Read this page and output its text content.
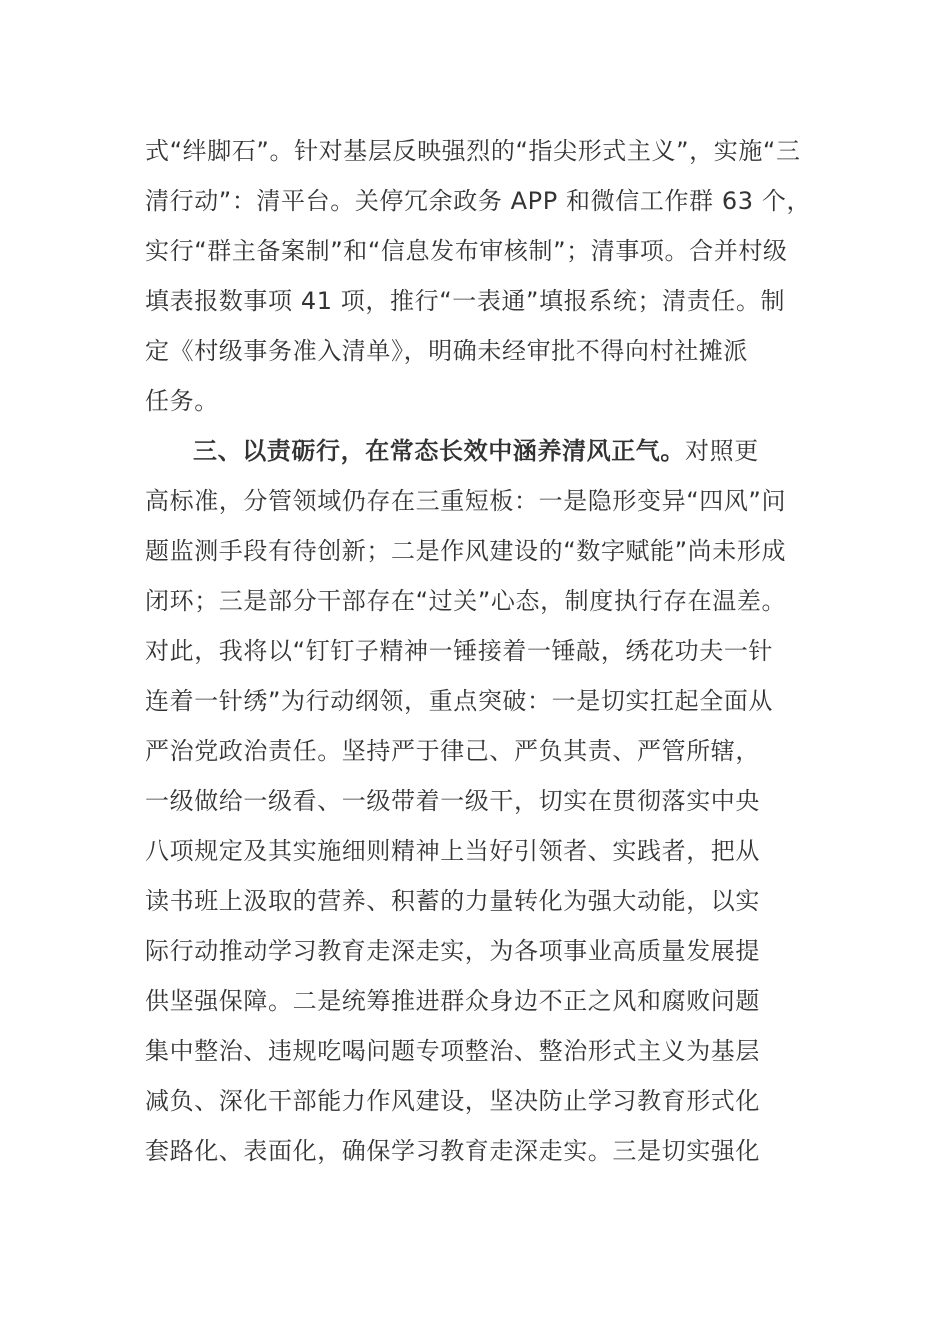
式“绊脚石”。针对基层反映强烈的“指尖形式主义”，实施“三
清行动”：清平台。关停冗余政务 APP 和微信工作群 63 个，
实行“群主备案制”和“信息发布审核制”；清事项。合并村级
填表报数事项 41 项，推行“一表通”填报系统；清责任。制
定《村级事务准入清单》，明确未经审批不得向村社摊派
任务。

三、以责砺行，在常态长效中涵养清风正气。对照更
高标准，分管领域仍存在三重短板：一是隐形变异“四风”问
题监测手段有待创新；二是作风建设的“数字赋能”尚未形成
闭环；三是部分干部存在“过关”心态，制度执行存在温差。
对此，我将以“钉钉子精神一锤接着一锤敲，绣花功夫一针
连着一针绣”为行动纲领，重点突破：一是切实扛起全面从
严治党政治责任。坚持严于律己、严负其责、严管所辖，
一级做给一级看、一级带着一级干，切实在贯彻落实中央
八项规定及其实施细则精神上当好引领者、实践者，把从
读书班上汲取的营养、积蓄的力量转化为强大动能，以实
际行动推动学习教育走深走实，为各项事业高质量发展提
供坚强保障。二是统筹推进群众身边不正之风和腐败问题
集中整治、违规吃喝问题专项整治、整治形式主义为基层
减负、深化干部能力作风建设，坚决防止学习教育形式化
套路化、表面化，确保学习教育走深走实。三是切实强化
